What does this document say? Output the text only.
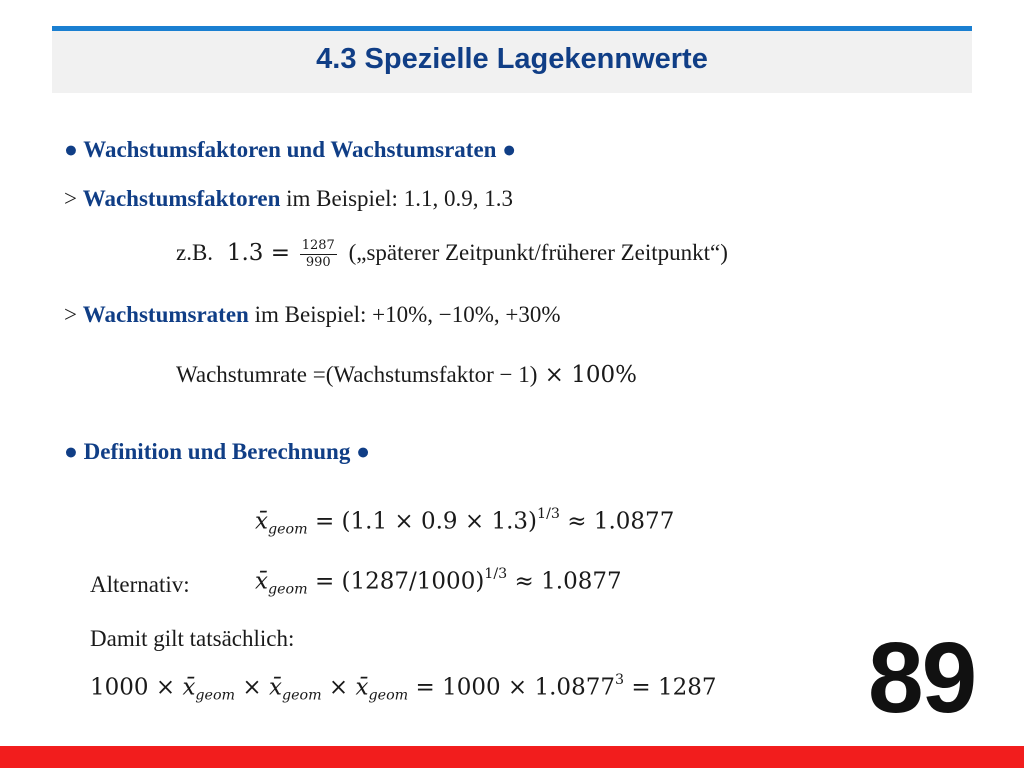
4.3 Spezielle Lagekennwerte
● Wachstumsfaktoren und Wachstumsraten ●
> Wachstumsfaktoren im Beispiel: 1.1, 0.9, 1.3
z.B. $1.3 = \frac{1287}{990}$ („späterer Zeitpunkt/früherer Zeitpunkt“)
> Wachstumsraten im Beispiel: +10%, −10%, +30%
Wachstumrate =(Wachstumsfaktor − 1) × 100%
● Definition und Berechnung ●
$x̄_{geom} = (1.1 \times 0.9 \times 1.3)^{1/3} \approx 1.0877$
Alternativ:	$x̄_{geom} = (1287/1000)^{1/3} \approx 1.0877$
Damit gilt tatsächlich:
$1000 \times x̄_{geom}$ × $x̄_{geom}$ × $x̄_{geom} = 1000 \times 1.0877^3 = 1287$ 89
